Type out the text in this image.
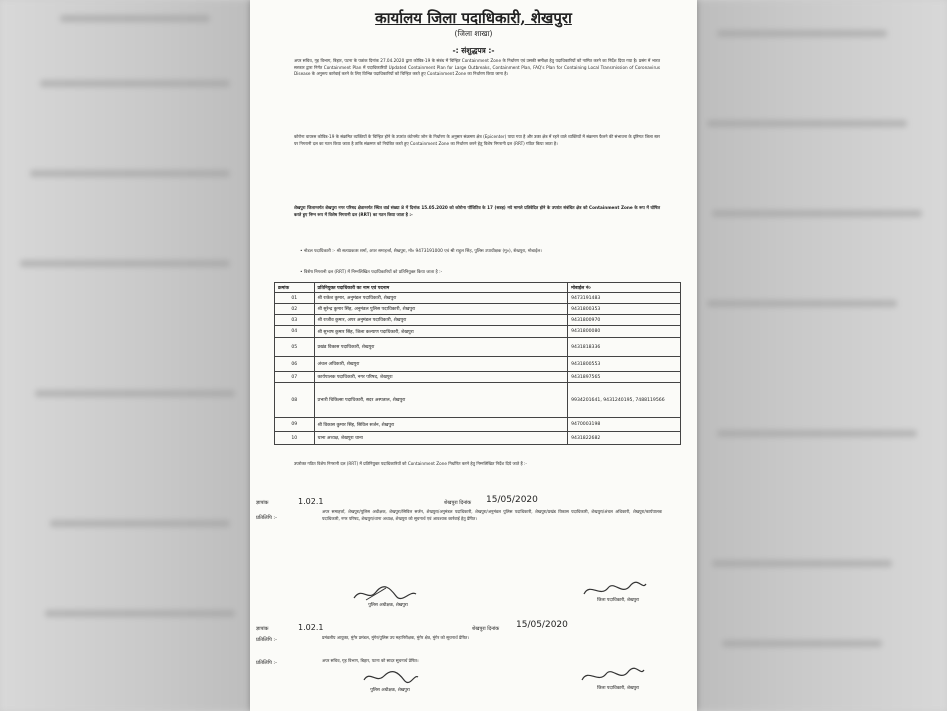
कार्यालय जिला पदाधिकारी, शेखपुरा
(जिला शाखा)
-: संशुद्धपत्र :-
अपर सचिव, गृह विभाग, बिहार, पटना के पत्रांक दिनांक 27.04.2020 द्वारा कोविड-19 के संबंध में चिन्हित Containment Zone के निर्धारण एवं उसकी समीक्षा हेतु पदाधिकारियों को नामित करने का निर्देश दिया गया है। प्रसंग में भारत सरकार द्वारा निर्गत Containment Plan में पदाधिकारियों Updated Containment Plan for Large Outbreaks, Containment Plan, FAQ's Plan for Containing Local Transmission of Coronavirus Disease के अनुरूप कार्रवाई करने के लिए विभिन्न पदाधिकारियों को चिन्हित करते हुए Containment Zone का निर्धारण किया जाना है।
कोरोना वायरस कोविड-19 के संक्रमित व्यक्तियों के चिन्हित होने के उपरांत कंटेनमेंट जोन के निर्धारण के अनुसार संक्रमण क्षेत्र (Epicenter) पाया गया है और उक्त क्षेत्र में रहने वाले व्यक्तियों में संक्रमण फैलने की संभावना के दृष्टिगत जिला स्तर पर निगरानी दल का गठन किया जाता है ताकि संक्रमण को नियंत्रित करते हुए Containment Zone का निर्धारण करने हेतु विशेष निगरानी दल (RRT) गठित किया जाता है।
शेखपुरा जिलान्तर्गत शेखपुरा नगर परिषद क्षेत्रान्तर्गत स्थित वार्ड संख्या 8 में दिनांक 15.05.2020 को कोरोना पॉजिटिव के 17 (सत्रह) नये मामले प्रतिवेदित होने के उपरांत संबंधित क्षेत्र को Containment Zone के रूप में घोषित करते हुए निम्न रूप में विशेष निगरानी दल (RRT) का गठन किया जाता है :-
• नोडल पदाधिकारी :- श्री सत्यप्रकाश शर्मा, अपर समाहर्त्ता, शेखपुरा, मो० 9473191000 एवं श्री राहुल सिंह, पुलिस उपाधीक्षक (मु०), शेखपुरा, मोबाईल।
• विशेष निगरानी दल (RRT) में निम्नलिखित पदाधिकारियों को प्रतिनियुक्त किया जाता है :-
क्रमांक	प्रतिनियुक्त पदाधिकारी का नाम एवं पदनाम	मोबाईल नं०
01	श्री राकेश कुमार, अनुमंडल पदाधिकारी, शेखपुरा	9473191483
02	श्री सुरेन्द्र कुमार सिंह, अनुमंडल पुलिस पदाधिकारी, शेखपुरा	9431800353
03	श्री राजीव कुमार, अपर अनुमंडल पदाधिकारी, शेखपुरा	9431800970
04	श्री सुभाष कुमार सिंह, जिला कल्याण पदाधिकारी, शेखपुरा	9431800080
05	प्रखंड विकास पदाधिकारी, शेखपुरा	9431818336
06	अंचल अधिकारी, शेखपुरा	9431800553
07	कार्यपालक पदाधिकारी, नगर परिषद, शेखपुरा	9431897565
08	प्रभारी चिकित्सा पदाधिकारी, सदर अस्पताल, शेखपुरा	9934201641, 9431240195, 7488119566
09	श्री विकास कुमार सिंह, सिविल सर्जन, शेखपुरा	9470003198
10	थाना अध्यक्ष, शेखपुरा थाना	9431822682
उपरोक्त गठित विशेष निगरानी दल (RRT) में प्रतिनियुक्त पदाधिकारियों को Containment Zone निर्धारित करने हेतु निम्नलिखित निर्देश दिये जाते हैं :-
ज्ञापांक	1.02.1	शेखपुरा दिनांक 15/05/2020
प्रतिलिपि :-
अपर समाहर्त्ता, शेखपुरा/पुलिस अधीक्षक, शेखपुरा/सिविल सर्जन, शेखपुरा/अनुमंडल पदाधिकारी, शेखपुरा/अनुमंडल पुलिस पदाधिकारी, शेखपुरा/प्रखंड विकास पदाधिकारी, शेखपुरा/अंचल अधिकारी, शेखपुरा/कार्यपालक पदाधिकारी, नगर परिषद, शेखपुरा/थाना अध्यक्ष, शेखपुरा को सूचनार्थ एवं आवश्यक कार्रवाई हेतु प्रेषित।
पुलिस अधीक्षक, शेखपुरा
जिला पदाधिकारी, शेखपुरा
ज्ञापांक	1.02.1	शेखपुरा दिनांक 15/05/2020
प्रतिलिपि :-	प्रमंडलीय आयुक्त, मुंगेर प्रमंडल, मुंगेर/पुलिस उप महानिरीक्षक, मुंगेर क्षेत्र, मुंगेर को सूचनार्थ प्रेषित।
प्रतिलिपि :-	अपर सचिव, गृह विभाग, बिहार, पटना को सादर सूचनार्थ प्रेषित।
पुलिस अधीक्षक, शेखपुरा	जिला पदाधिकारी, शेखपुरा
